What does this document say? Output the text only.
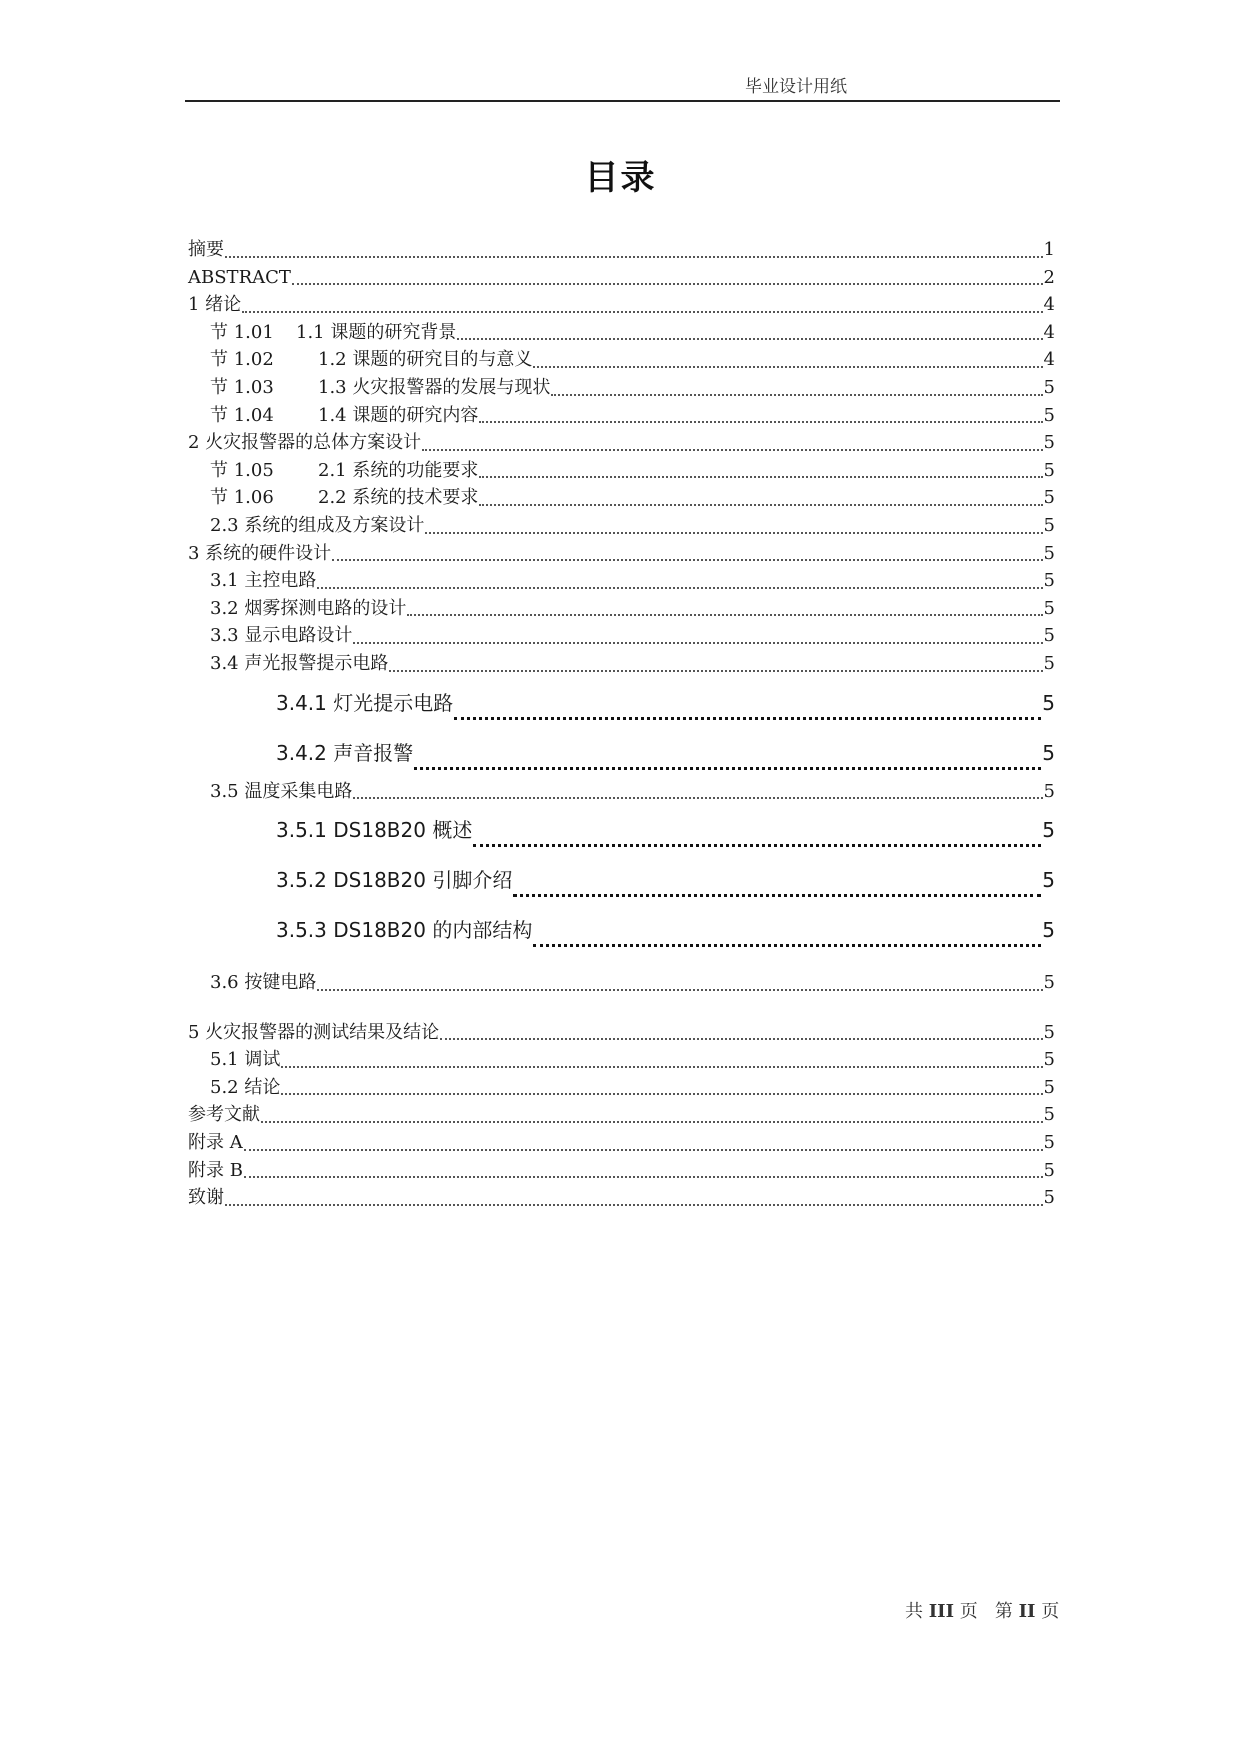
毕业设计用纸
目录
摘要	1
ABSTRACT	2
1 绪论	4
节 1.01 1.1 课题的研究背景	4
节 1.02 1.2 课题的研究目的与意义	4
节 1.03 1.3 火灾报警器的发展与现状	5
节 1.04 1.4 课题的研究内容	5
2 火灾报警器的总体方案设计	5
节 1.05 2.1 系统的功能要求	5
节 1.06 2.2 系统的技术要求	5
2.3 系统的组成及方案设计	5
3 系统的硬件设计	5
3.1 主控电路	5
3.2 烟雾探测电路的设计	5
3.3 显示电路设计	5
3.4 声光报警提示电路	5
3.4.1 灯光提示电路	5
3.4.2 声音报警	5
3.5 温度采集电路	5
3.5.1 DS18B20 概述	5
3.5.2 DS18B20 引脚介绍	5
3.5.3 DS18B20 的内部结构	5
3.6 按键电路	5
5 火灾报警器的测试结果及结论	5
5.1 调试	5
5.2 结论	5
参考文献	5
附录 A	5
附录 B	5
致谢	5
共 III 页 第 II 页
